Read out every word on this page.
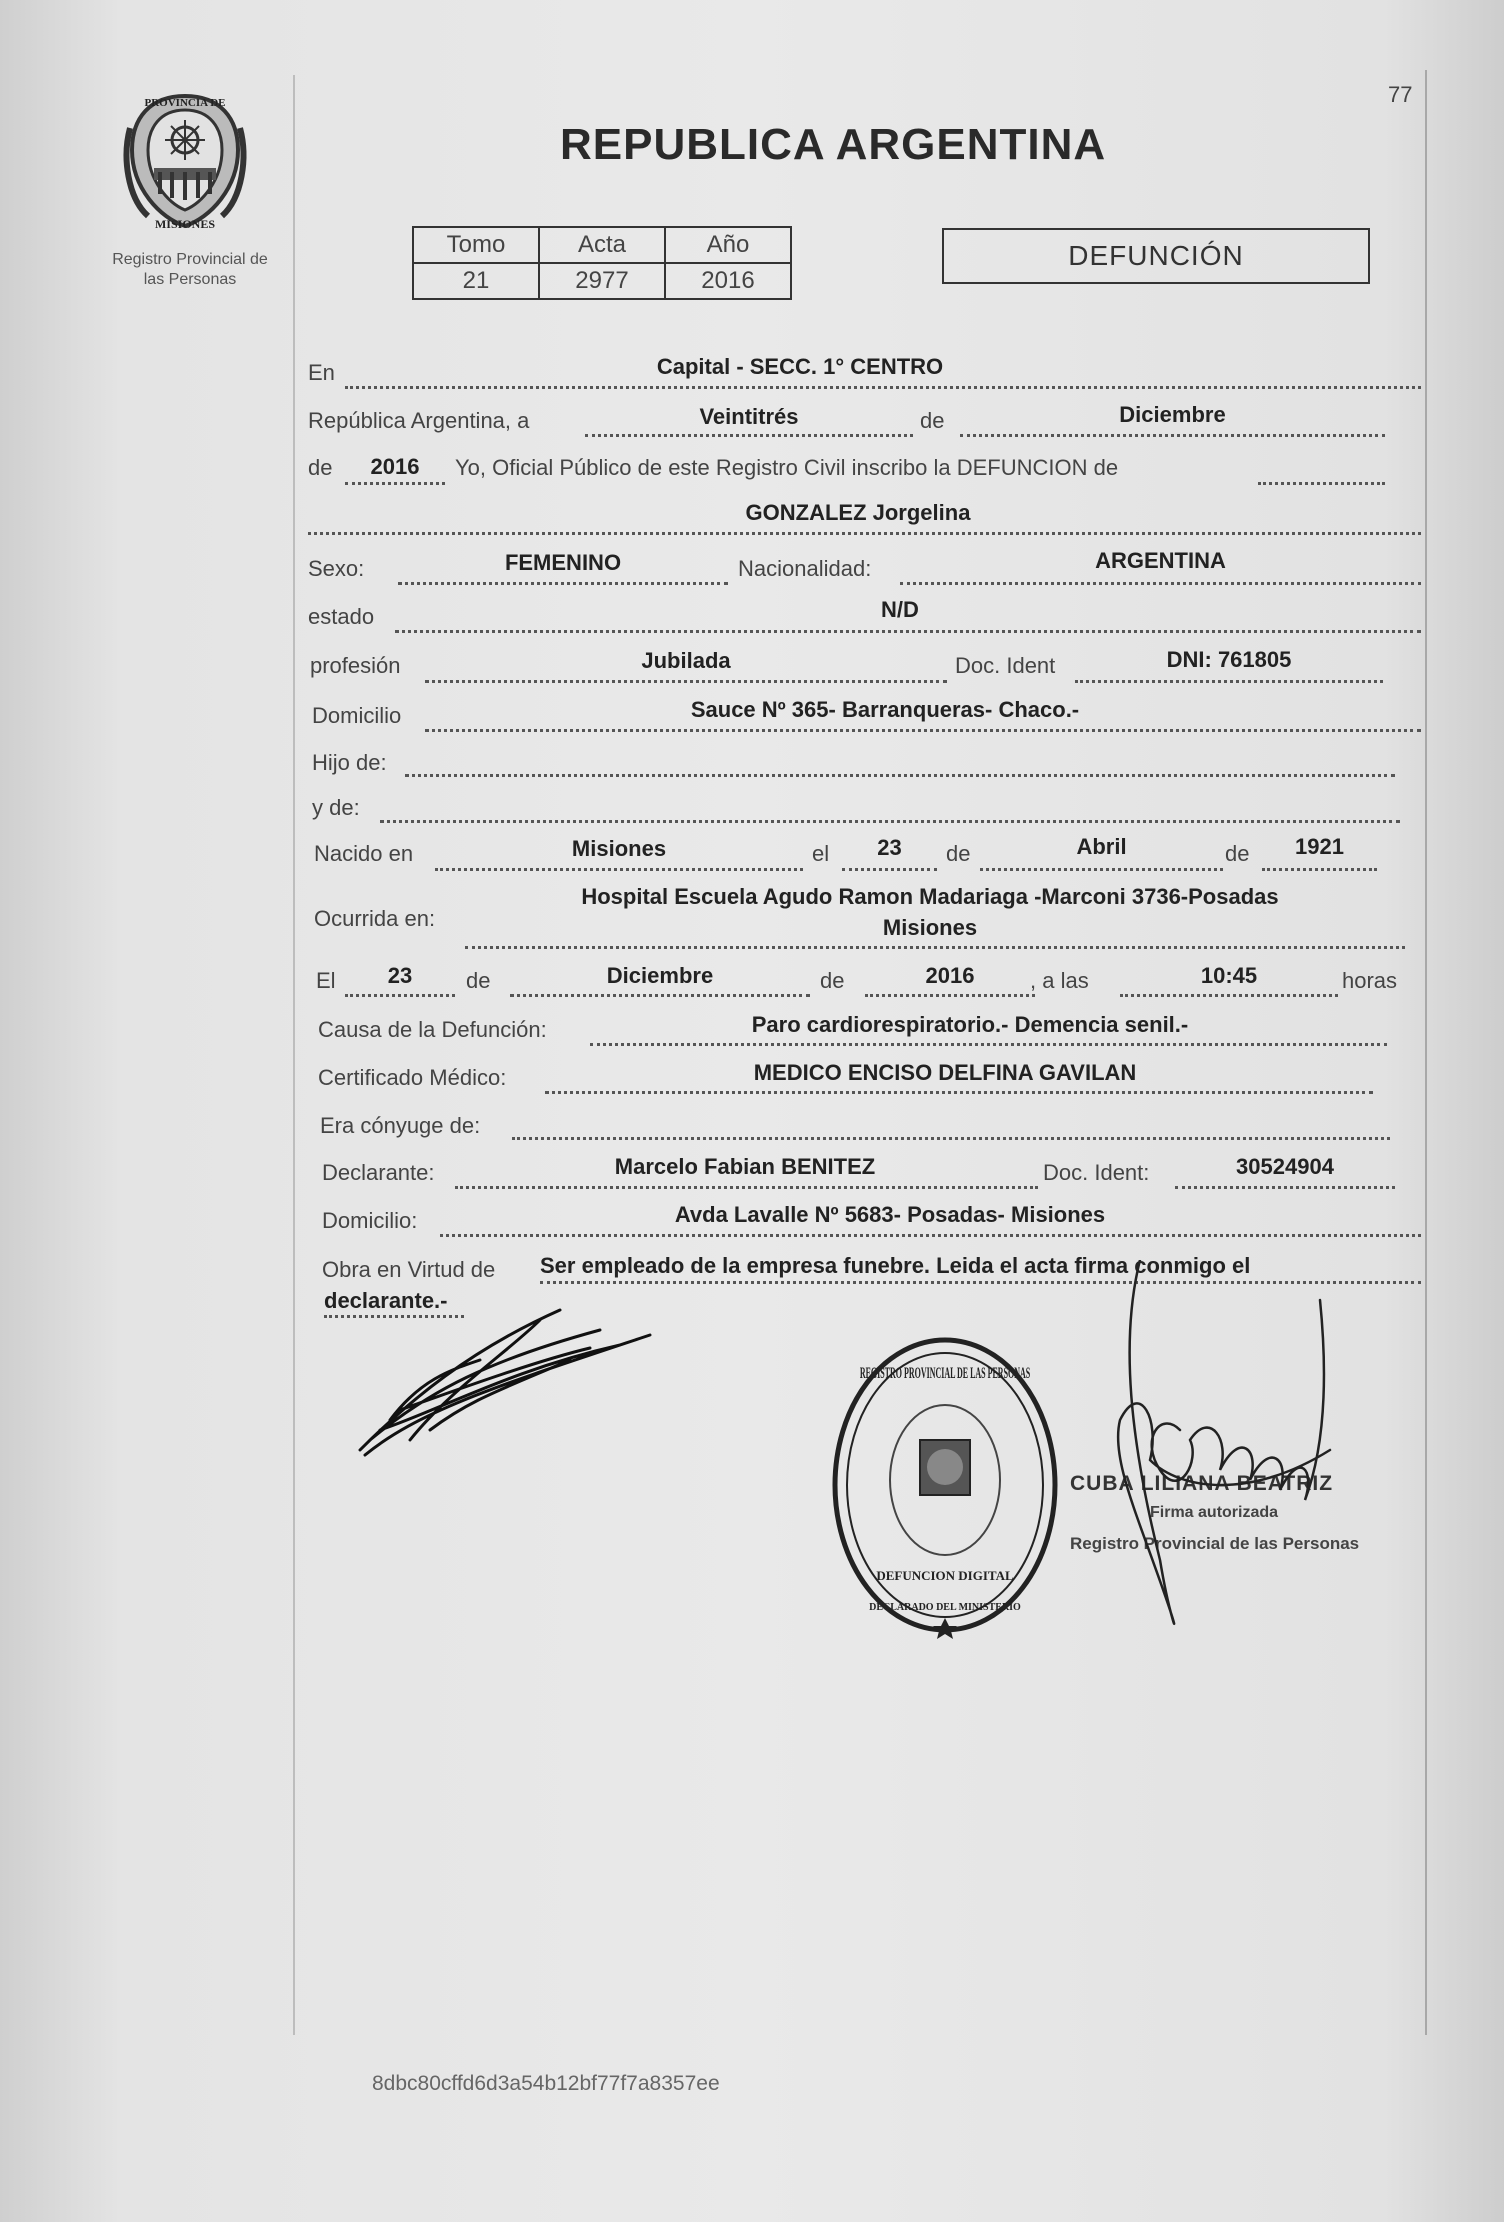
77
PROVINCIA DE
MISIONES
Registro Provincial de
las Personas
REPUBLICA ARGENTINA
Tomo	Acta	Año
21	2977	2016
DEFUNCIÓN
En	Capital - SECC. 1° CENTRO
República Argentina, a	Veintitrés	de	Diciembre
de	2016	Yo, Oficial Público de este Registro Civil inscribo la DEFUNCION de
GONZALEZ Jorgelina
Sexo:	FEMENINO	Nacionalidad:	ARGENTINA
estado	N/D
profesión	Jubilada	Doc. Ident	DNI: 761805
Domicilio	Sauce Nº 365- Barranqueras- Chaco.-
Hijo de:
y de:
Nacido en	Misiones	el	23	de	Abril	de	1921
Hospital Escuela Agudo Ramon Madariaga -Marconi 3736-Posadas
Ocurrida en:	Misiones
El	23	de	Diciembre	de	2016	, a las	10:45	horas
Causa de la Defunción:	Paro cardiorespiratorio.- Demencia senil.-
Certificado Médico:	MEDICO ENCISO DELFINA GAVILAN
Era cónyuge de:
Declarante:	Marcelo Fabian BENITEZ	Doc. Ident:	30524904
Domicilio:	Avda Lavalle Nº 5683- Posadas- Misiones
Obra en Virtud de Ser empleado de la empresa funebre. Leida el acta firma conmigo el
declarante.-
REGISTRO PROVINCIAL DE LAS PERSONAS
DEFUNCION DIGITAL
DECLARADO DEL MINISTERIO
CUBA LILIANA BEATRIZ
Firma autorizada
Registro Provincial de las Personas
8dbc80cffd6d3a54b12bf77f7a8357ee
